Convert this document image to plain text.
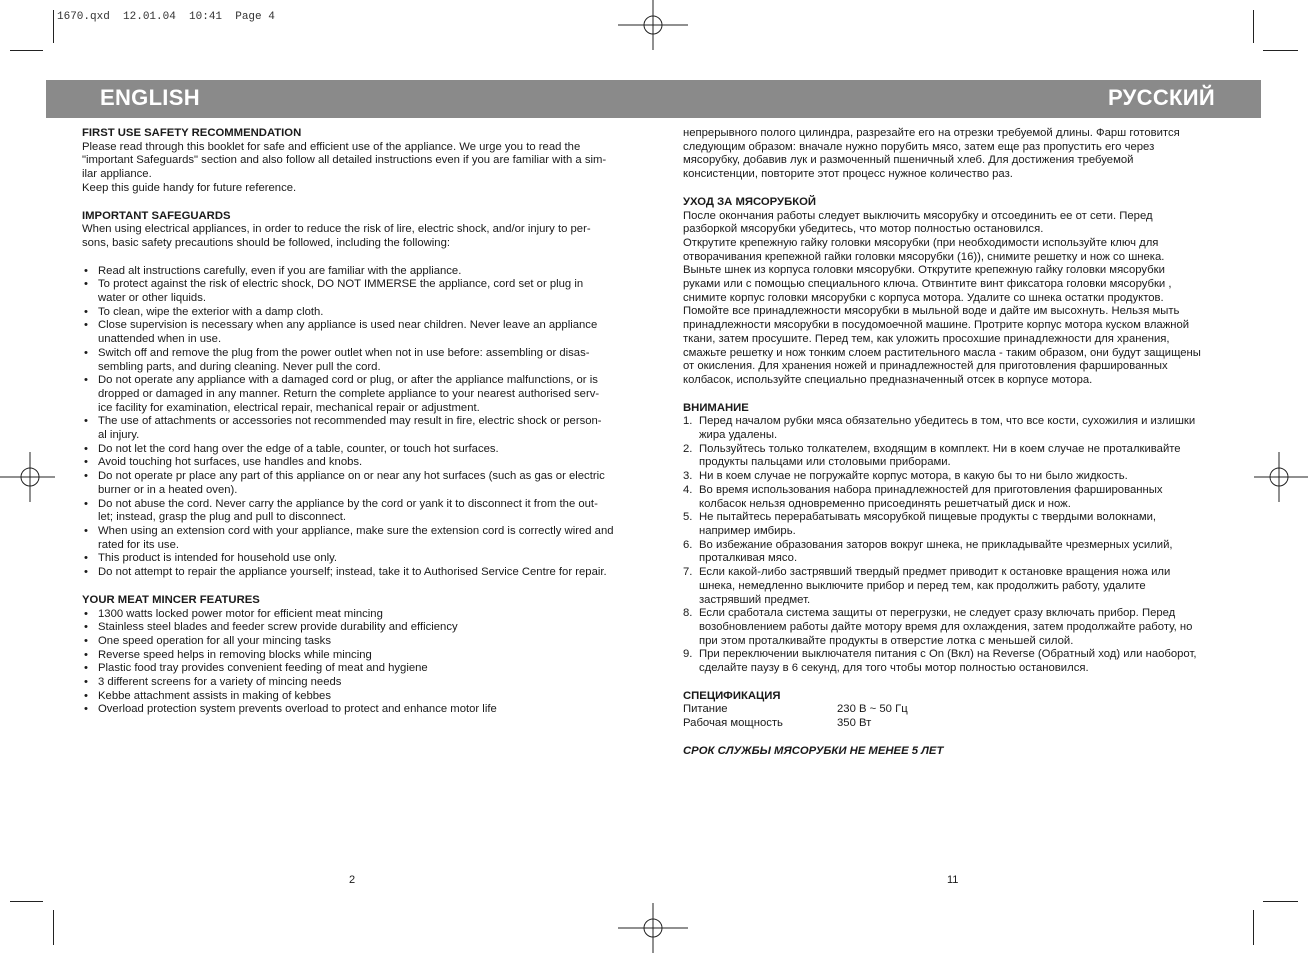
1670.qxd  12.01.04  10:41  Page 4
ENGLISH	РУССКИЙ

FIRST USE SAFETY RECOMMENDATION

Please read through this booklet for safe and efficient use of the appliance. We urge you to read the

"important Safeguards" section and also follow all detailed instructions even if you are familiar with a sim-

ilar appliance.

Keep this guide handy for future reference.

IMPORTANT SAFEGUARDS

When using electrical appliances, in order to reduce the risk of lire, electric shock, and/or injury to per-

sons, basic safety precautions should be followed, including the following:

• Read alt instructions carefully, even if you are familiar with the appliance.
• To protect against the risk of electric shock, DO NOT IMMERSE the appliance, cord set or plug in
water or other liquids.
• To clean, wipe the exterior with a damp cloth.
• Close supervision is necessary when any appliance is used near children. Never leave an appliance
unattended when in use.
• Switch off and remove the plug from the power outlet when not in use before: assembling or disas-
sembling parts, and during cleaning. Never pull the cord.
• Do not operate any appliance with a damaged cord or plug, or after the appliance malfunctions, or is
dropped or damaged in any manner. Return the complete appliance to your nearest authorised serv-
ice facility for examination, electrical repair, mechanical repair or adjustment.
• The use of attachments or accessories not recommended may result in fire, electric shock or person-
al injury.
• Do not let the cord hang over the edge of a table, counter, or touch hot surfaces.
• Avoid touching hot surfaces, use handles and knobs.
• Do not operate pr place any part of this appliance on or near any hot surfaces (such as gas or electric
burner or in a heated oven).
• Do not abuse the cord. Never carry the appliance by the cord or yank it to disconnect it from the out-
let; instead, grasp the plug and pull to disconnect.
• When using an extension cord with your appliance, make sure the extension cord is correctly wired and
rated for its use.
• This product is intended for household use only.
• Do not attempt to repair the appliance yourself; instead, take it to Authorised Service Centre for repair.

YOUR MEAT MINCER FEATURES

• 1300 watts locked power motor for efficient meat mincing
• Stainless steel blades and feeder screw provide durability and efficiency
• One speed operation for all your mincing tasks
• Reverse speed helps in removing blocks while mincing
• Plastic food tray provides convenient feeding of meat and hygiene
• 3 different screens for a variety of mincing needs
• Kebbe attachment assists in making of kebbes
• Overload protection system prevents overload to protect and enhance motor life
2

непрерывного полого цилиндра, разрезайте его на отрезки требуемой длины. Фарш готовится

следующим образом: вначале нужно порубить мясо, затем еще раз пропустить его через

мясорубку, добавив лук и размоченный пшеничный хлеб. Для достижения требуемой

консистенции, повторите этот процесс нужное количество раз.

УХОД ЗА МЯСОРУБКОЙ

После окончания работы следует выключить мясорубку и отсоединить ее от сети. Перед

разборкой мясорубки убедитесь, что мотор полностью остановился.

Открутите крепежную гайку головки мясорубки (при необходимости используйте ключ для

отворачивания крепежной гайки головки мясорубки (16)), снимите решетку и нож со шнека.

Выньте шнек из корпуса головки мясорубки. Открутите крепежную гайку головки мясорубки

руками или с помощью специального ключа. Отвинтите винт фиксатора головки мясорубки ,

снимите корпус головки мясорубки с корпуса мотора. Удалите со шнека остатки продуктов.

Помойте все принадлежности мясорубки в мыльной воде и дайте им высохнуть. Нельзя мыть

принадлежности мясорубки в посудомоечной машине. Протрите корпус мотора куском влажной

ткани, затем просушите. Перед тем, как уложить просохшие принадлежности для хранения,

смажьте решетку и нож тонким слоем растительного масла - таким образом, они будут защищены

от окисления. Для хранения ножей и принадлежностей для приготовления фаршированных

колбасок, используйте специально предназначенный отсек в корпусе мотора.

ВНИМАНИЕ

1. Перед началом рубки мяса обязательно убедитесь в том, что все кости, сухожилия и излишки
жира удалены.
2. Пользуйтесь только толкателем, входящим в комплект. Ни в коем случае не проталкивайте
продукты пальцами или столовыми приборами.
3. Ни в коем случае не погружайте корпус мотора, в какую бы то ни было жидкость.
4. Во время использования набора принадлежностей для приготовления фаршированных
колбасок нельзя одновременно присоединять решетчатый диск и нож.
5. Не пытайтесь перерабатывать мясорубкой пищевые продукты с твердыми волокнами,
например имбирь.
6. Во избежание образования заторов вокруг шнека, не прикладывайте чрезмерных усилий,
проталкивая мясо.
7. Если какой-либо застрявший твердый предмет приводит к остановке вращения ножа или
шнека, немедленно выключите прибор и перед тем, как продолжить работу, удалите
застрявший предмет.
8. Если сработала система защиты от перегрузки, не следует сразу включать прибор. Перед
возобновлением работы дайте мотору время для охлаждения, затем продолжайте работу, но
при этом проталкивайте продукты в отверстие лотка с меньшей силой.
9. При переключении выключателя питания с On (Вкл) на Reverse (Обратный ход) или наоборот,
сделайте паузу в 6 секунд, для того чтобы мотор полностью остановился.

СПЕЦИФИКАЦИЯ

Питание	230 В ~ 50 Гц
Рабочая мощность	350 Вт

СРОК СЛУЖБЫ МЯСОРУБКИ НЕ МЕНЕЕ 5 ЛЕТ

11
